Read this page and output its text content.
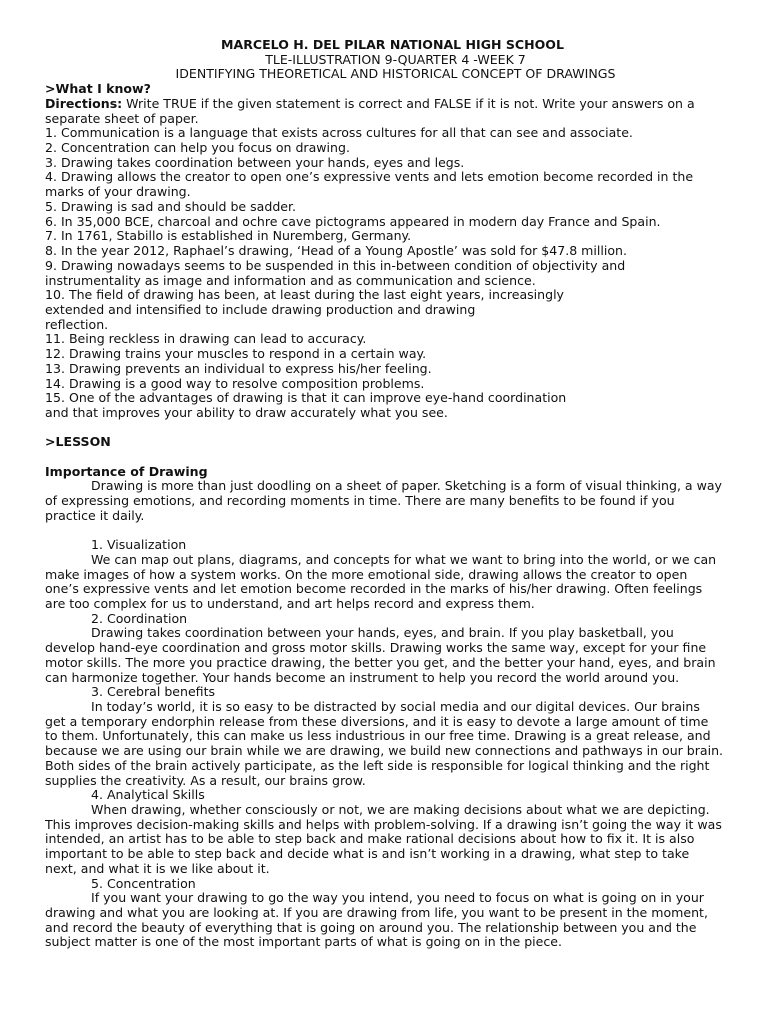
MARCELO H. DEL PILAR NATIONAL HIGH SCHOOL

TLE-ILLUSTRATION 9-QUARTER 4 -WEEK 7

IDENTIFYING THEORETICAL AND HISTORICAL CONCEPT OF DRAWINGS

>What I know?

Directions: Write TRUE if the given statement is correct and FALSE if it is not. Write your answers on a separate sheet of paper.

1. Communication is a language that exists across cultures for all that can see and associate.

2. Concentration can help you focus on drawing.

3. Drawing takes coordination between your hands, eyes and legs.

4. Drawing allows the creator to open one’s expressive vents and lets emotion become recorded in the marks of your drawing.

5. Drawing is sad and should be sadder.

6. In 35,000 BCE, charcoal and ochre cave pictograms appeared in modern day France and Spain.

7. In 1761, Stabillo is established in Nuremberg, Germany.

8. In the year 2012, Raphael’s drawing, ‘Head of a Young Apostle’ was sold for $47.8 million.

9. Drawing nowadays seems to be suspended in this in-between condition of objectivity and instrumentality as image and information and as communication and science.

10. The field of drawing has been, at least during the last eight years, increasingly

extended and intensified to include drawing production and drawing

reflection.

11. Being reckless in drawing can lead to accuracy.

12. Drawing trains your muscles to respond in a certain way.

13. Drawing prevents an individual to express his/her feeling.

14. Drawing is a good way to resolve composition problems.

15. One of the advantages of drawing is that it can improve eye-hand coordination

and that improves your ability to draw accurately what you see.

>LESSON

Importance of Drawing

Drawing is more than just doodling on a sheet of paper. Sketching is a form of visual thinking, a way of expressing emotions, and recording moments in time. There are many benefits to be found if you practice it daily.

1. Visualization

We can map out plans, diagrams, and concepts for what we want to bring into the world, or we can make images of how a system works. On the more emotional side, drawing allows the creator to open one’s expressive vents and let emotion become recorded in the marks of his/her drawing. Often feelings are too complex for us to understand, and art helps record and express them.

2. Coordination

Drawing takes coordination between your hands, eyes, and brain. If you play basketball, you develop hand-eye coordination and gross motor skills. Drawing works the same way, except for your fine motor skills. The more you practice drawing, the better you get, and the better your hand, eyes, and brain can harmonize together. Your hands become an instrument to help you record the world around you.

3. Cerebral benefits

In today’s world, it is so easy to be distracted by social media and our digital devices. Our brains get a temporary endorphin release from these diversions, and it is easy to devote a large amount of time to them. Unfortunately, this can make us less industrious in our free time. Drawing is a great release, and because we are using our brain while we are drawing, we build new connections and pathways in our brain. Both sides of the brain actively participate, as the left side is responsible for logical thinking and the right supplies the creativity. As a result, our brains grow.

4. Analytical Skills

When drawing, whether consciously or not, we are making decisions about what we are depicting. This improves decision-making skills and helps with problem-solving. If a drawing isn’t going the way it was intended, an artist has to be able to step back and make rational decisions about how to fix it. It is also important to be able to step back and decide what is and isn’t working in a drawing, what step to take next, and what it is we like about it.

5. Concentration

If you want your drawing to go the way you intend, you need to focus on what is going on in your drawing and what you are looking at. If you are drawing from life, you want to be present in the moment, and record the beauty of everything that is going on around you. The relationship between you and the subject matter is one of the most important parts of what is going on in the piece.
